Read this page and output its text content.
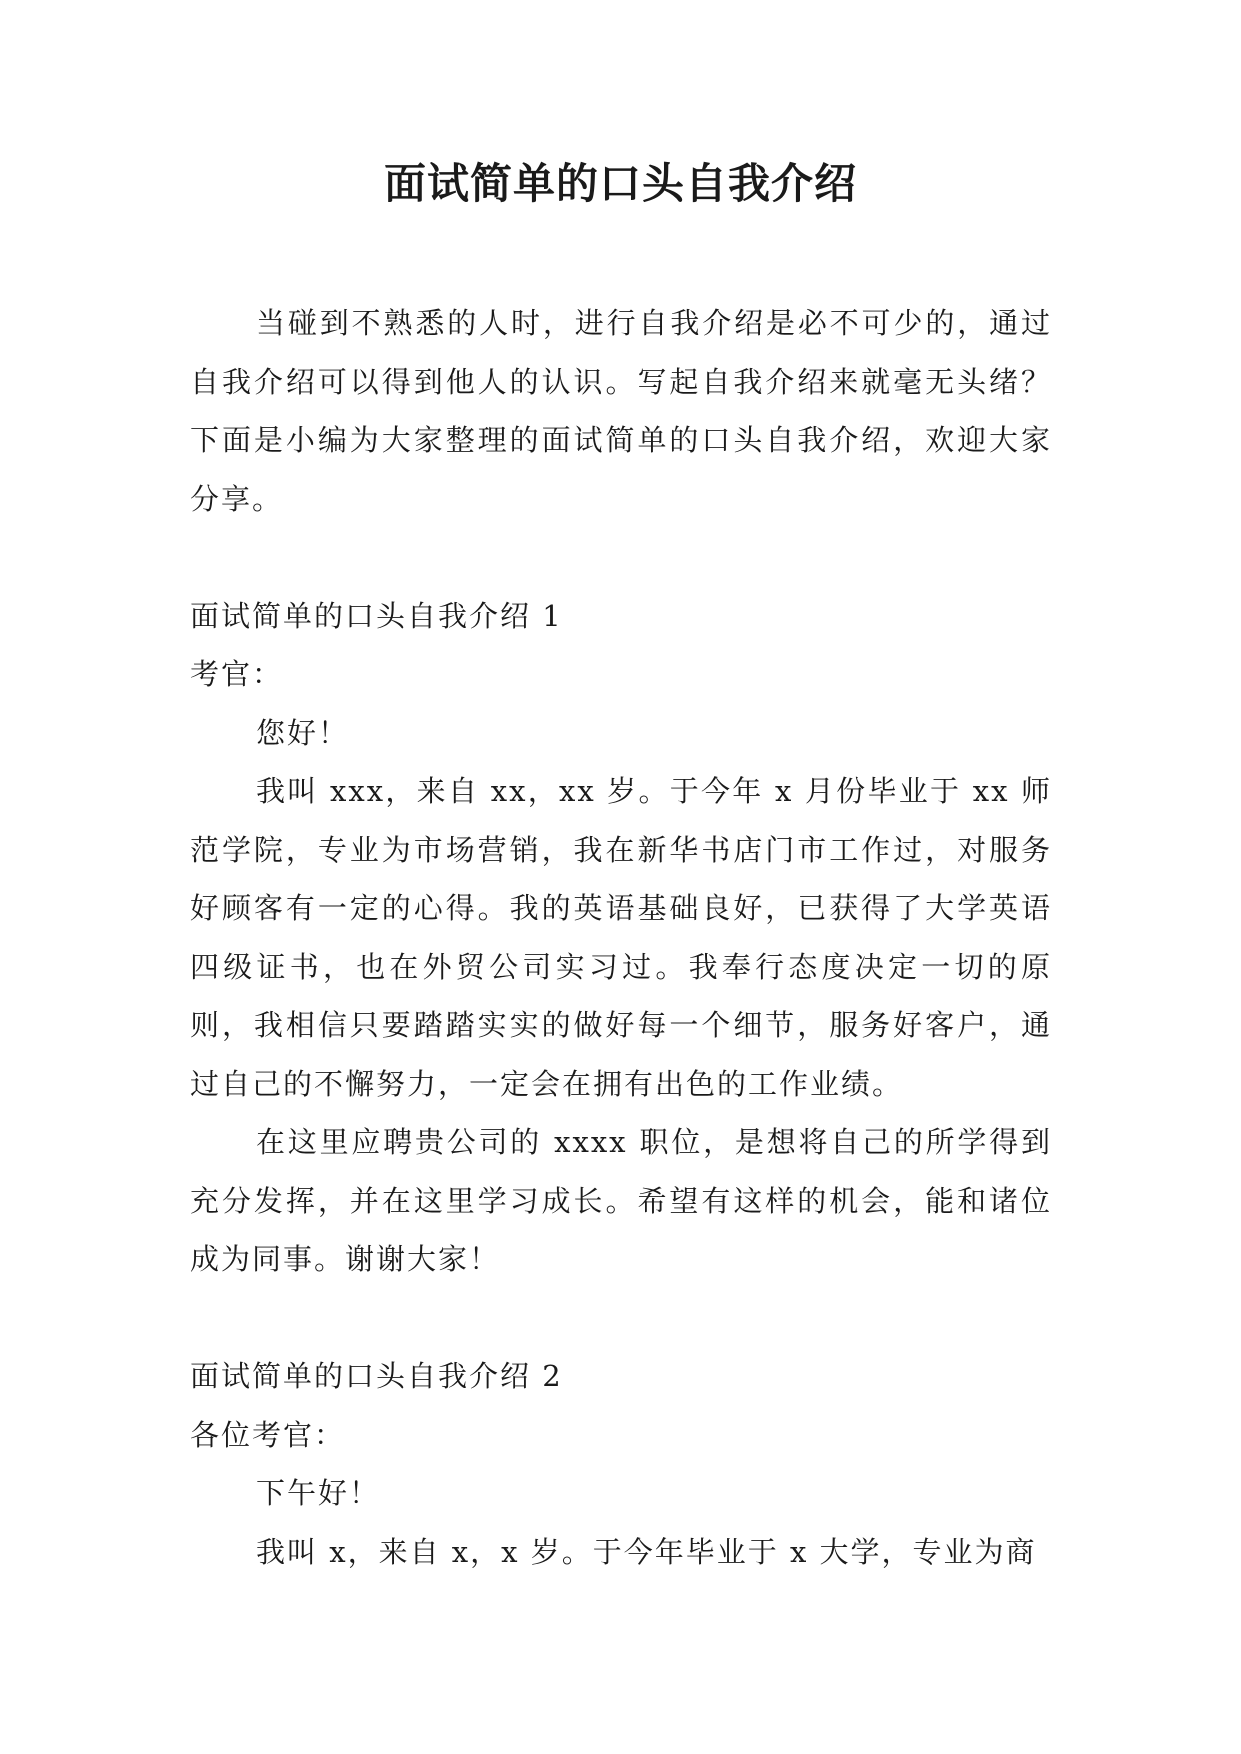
面试简单的口头自我介绍

当碰到不熟悉的人时，进行自我介绍是必不可少的，通过自我介绍可以得到他人的认识。写起自我介绍来就毫无头绪？下面是小编为大家整理的面试简单的口头自我介绍，欢迎大家分享。

面试简单的口头自我介绍 1

考官：

您好！

我叫 xxx，来自 xx，xx 岁。于今年 x 月份毕业于 xx 师范学院，专业为市场营销，我在新华书店门市工作过，对服务好顾客有一定的心得。我的英语基础良好，已获得了大学英语四级证书，也在外贸公司实习过。我奉行态度决定一切的原则，我相信只要踏踏实实的做好每一个细节，服务好客户，通过自己的不懈努力，一定会在拥有出色的工作业绩。

在这里应聘贵公司的 xxxx 职位，是想将自己的所学得到充分发挥，并在这里学习成长。希望有这样的机会，能和诸位成为同事。谢谢大家！

面试简单的口头自我介绍 2

各位考官：

下午好！

我叫 x，来自 x，x 岁。于今年毕业于 x 大学，专业为商
